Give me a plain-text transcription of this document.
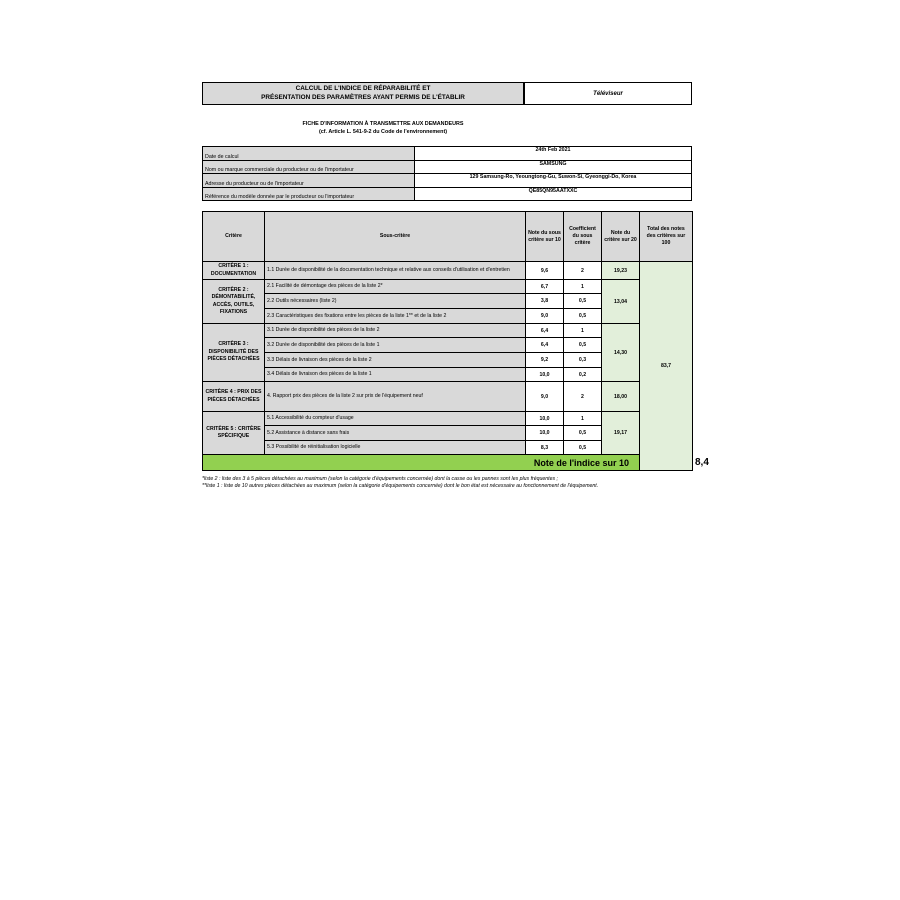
CALCUL DE L'INDICE DE RÉPARABILITÉ ET
PRÉSENTATION DES PARAMÈTRES AYANT PERMIS DE L'ÉTABLIR	Téléviseur
FICHE D'INFORMATION À TRANSMETTRE AUX DEMANDEURS
(cf. Article L. 541-9-2 du Code de l'environnement)
Date de calcul	24th Feb 2021
Nom ou marque commerciale du producteur ou de l'importateur	SAMSUNG
Adresse du producteur ou de l'importateur	129 Samsung-Ro, Yeoungtong-Gu, Suwon-Si, Gyeonggi-Do, Korea
Référence du modèle donnée par le producteur ou l'importateur	QE85QN95AATXXC
Critère	Sous-critère	Note du sous critère sur 10	Coefficient du sous critère	Note du critère sur 20	Total des notes des critères sur 100	
CRITÈRE 1 : DOCUMENTATION	1.1 Durée de disponibilité de la documentation technique et relative aux conseils d'utilisation et d'entretien	9,6	2	19,23	83,7	
CRITÈRE 2 : DÉMONTABILITÉ, ACCÈS, OUTILS, FIXATIONS	2.1 Facilité de démontage des pièces de la liste 2*	6,7	1	13,04		
	2.2 Outils nécessaires (liste 2)	3,8	0,5			
	2.3 Caractéristiques des fixations entre les pièces de la liste 1** et de la liste 2	9,0	0,5			
CRITÈRE 3 : DISPONIBILITÉ DES PIÈCES DÉTACHÉES	3.1 Durée de disponibilité des pièces de la liste 2	6,4	1	14,30		
	3.2 Durée de disponibilité des pièces de la liste 1	6,4	0,5			
	3.3 Délais de livraison des pièces de la liste 2	9,2	0,3			
	3.4 Délais de livraison des pièces de la liste 1	10,0	0,2			
CRITÈRE 4 : PRIX DES PIÈCES DÉTACHÉES	4. Rapport prix des pièces de la liste 2 sur prix de l'équipement neuf	9,0	2	18,00		
CRITÈRE 5 : CRITÈRE SPÉCIFIQUE	5.1 Accessibilité du compteur d'usage	10,0	1	19,17		
	5.2 Assistance à distance sans frais	10,0	0,5			
	5.3 Possibilité de réinitialisation logicielle	8,3	0,5			
Note de l'indice sur 10						8,4
*liste 2 : liste des 3 à 5 pièces détachées au maximum (selon la catégorie d'équipements concernée) dont la casse ou les pannes sont les plus fréquentes ;
**liste 1 : liste de 10 autres pièces détachées au maximum (selon la catégorie d'équipements concernée) dont le bon état est nécessaire au fonctionnement de l'équipement.
